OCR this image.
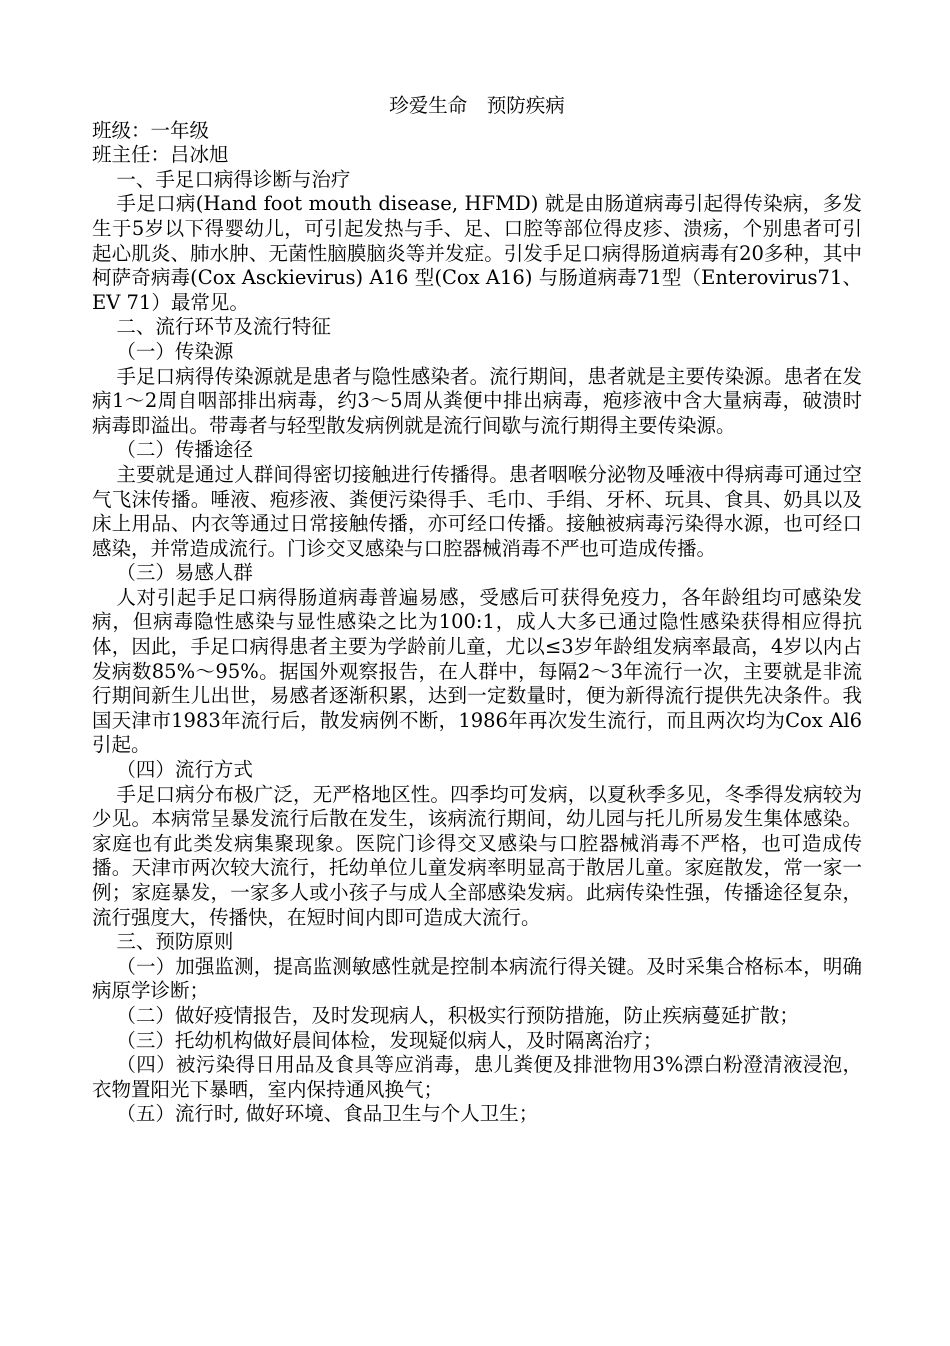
珍爱生命　预防疾病

班级：一年级

班主任：吕冰旭

一、手足口病得诊断与治疗

手足口病(Hand foot mouth disease, HFMD) 就是由肠道病毒引起得传染病，多发生于5岁以下得婴幼儿，可引起发热与手、足、口腔等部位得皮疹、溃疡，个别患者可引起心肌炎、肺水肿、无菌性脑膜脑炎等并发症。引发手足口病得肠道病毒有20多种，其中柯萨奇病毒(Cox Asckievirus) A16 型(Cox A16) 与肠道病毒71型（Enterovirus71、EV 71）最常见。

二、流行环节及流行特征

（一）传染源

手足口病得传染源就是患者与隐性感染者。流行期间，患者就是主要传染源。患者在发病1～2周自咽部排出病毒，约3～5周从粪便中排出病毒，疱疹液中含大量病毒，破溃时病毒即溢出。带毒者与轻型散发病例就是流行间歇与流行期得主要传染源。

（二）传播途径

主要就是通过人群间得密切接触进行传播得。患者咽喉分泌物及唾液中得病毒可通过空气飞沫传播。唾液、疱疹液、粪便污染得手、毛巾、手绢、牙杯、玩具、食具、奶具以及床上用品、内衣等通过日常接触传播，亦可经口传播。接触被病毒污染得水源，也可经口感染，并常造成流行。门诊交叉感染与口腔器械消毒不严也可造成传播。

（三）易感人群

人对引起手足口病得肠道病毒普遍易感，受感后可获得免疫力，各年龄组均可感染发病，但病毒隐性感染与显性感染之比为100:1，成人大多已通过隐性感染获得相应得抗体，因此，手足口病得患者主要为学龄前儿童，尤以≤3岁年龄组发病率最高，4岁以内占发病数85%～95%。据国外观察报告，在人群中，每隔2～3年流行一次，主要就是非流行期间新生儿出世，易感者逐渐积累，达到一定数量时，便为新得流行提供先决条件。我国天津市1983年流行后，散发病例不断，1986年再次发生流行，而且两次均为Cox Al6引起。

（四）流行方式

手足口病分布极广泛，无严格地区性。四季均可发病，以夏秋季多见，冬季得发病较为少见。本病常呈暴发流行后散在发生，该病流行期间，幼儿园与托儿所易发生集体感染。家庭也有此类发病集聚现象。医院门诊得交叉感染与口腔器械消毒不严格，也可造成传播。天津市两次较大流行，托幼单位儿童发病率明显高于散居儿童。家庭散发，常一家一例；家庭暴发，一家多人或小孩子与成人全部感染发病。此病传染性强，传播途径复杂，流行强度大，传播快，在短时间内即可造成大流行。

三、预防原则

（一）加强监测，提高监测敏感性就是控制本病流行得关键。及时采集合格标本，明确病原学诊断；

（二）做好疫情报告，及时发现病人，积极实行预防措施，防止疾病蔓延扩散；

（三）托幼机构做好晨间体检，发现疑似病人，及时隔离治疗；

（四）被污染得日用品及食具等应消毒，患儿粪便及排泄物用3%漂白粉澄清液浸泡，衣物置阳光下暴晒，室内保持通风换气；

（五）流行时, 做好环境、食品卫生与个人卫生；
